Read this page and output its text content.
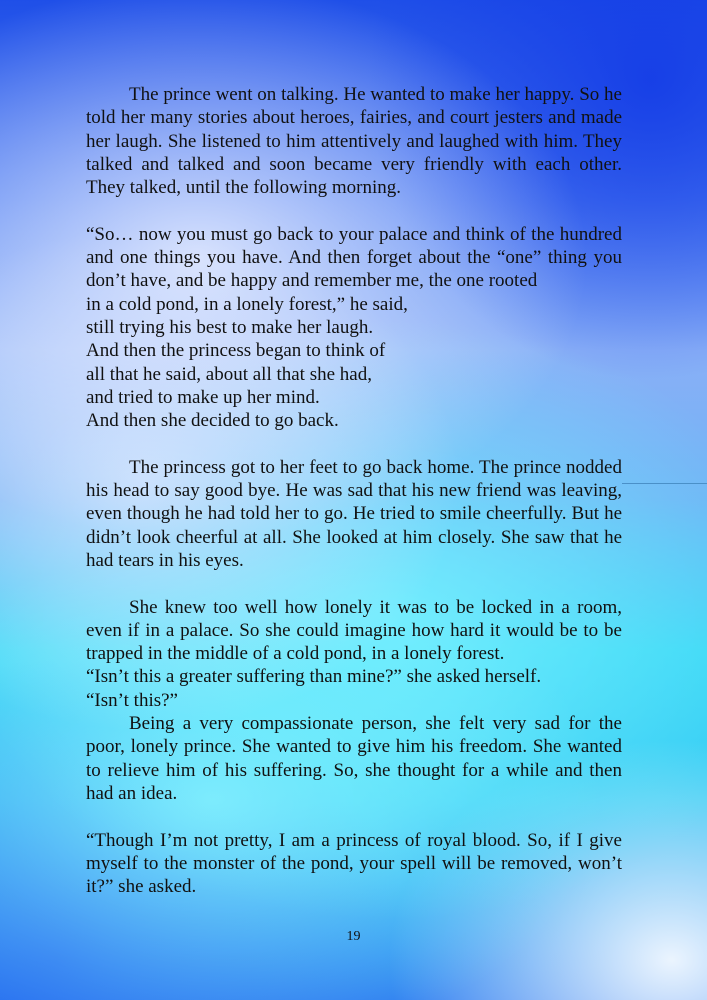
The prince went on talking. He wanted to make her happy. So he told her many stories about heroes, fairies, and court jesters and made her laugh. She listened to him attentively and laughed with him. They talked and talked and soon became very friendly with each other. They talked, until the following morning.

“So… now you must go back to your palace and think of the hundred and one things you have. And then forget about the “one” thing you don’t have, and be happy and remember me, the one rooted

in a cold pond, in a lonely forest,” he said,
still trying his best to make her laugh.
And then the princess began to think of
all that he said, about all that she had,
and tried to make up her mind.
And then she decided to go back.

The princess got to her feet to go back home. The prince nodded his head to say good bye. He was sad that his new friend was leaving, even though he had told her to go. He tried to smile cheerfully. But he didn’t look cheerful at all. She looked at him closely. She saw that he had tears in his eyes.

She knew too well how lonely it was to be locked in a room, even if in a palace. So she could imagine how hard it would be to be trapped in the middle of a cold pond, in a lonely forest.

“Isn’t this a greater suffering than mine?” she asked herself.
“Isn’t this?”

Being a very compassionate person, she felt very sad for the poor, lonely prince. She wanted to give him his freedom. She wanted to relieve him of his suffering. So, she thought for a while and then had an idea.

“Though I’m not pretty, I am a princess of royal blood. So, if I give myself to the monster of the pond, your spell will be removed, won’t it?” she asked.

19
